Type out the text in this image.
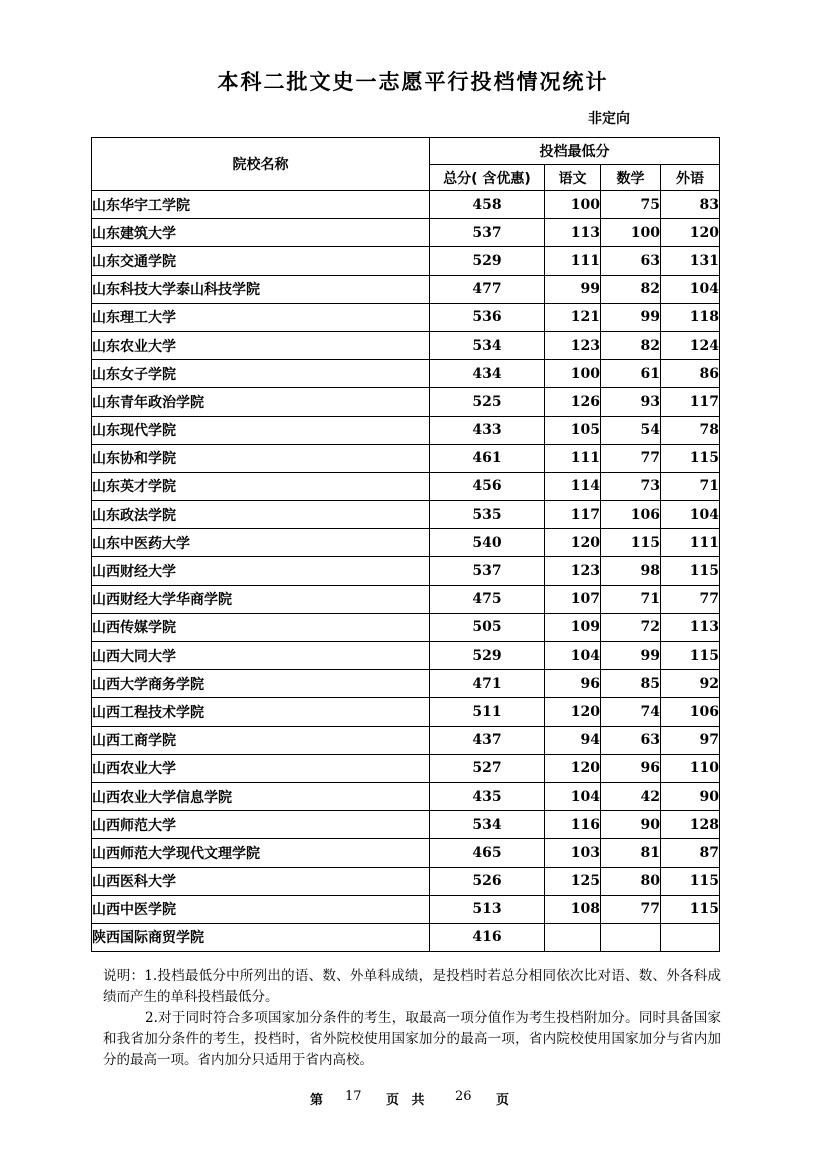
本科二批文史一志愿平行投档情况统计
非定向
院校名称	投档最低分			
	总分( 含优惠)	语文	数学	外语
山东华宇工学院	458	100	75	83
山东建筑大学	537	113	100	120
山东交通学院	529	111	63	131
山东科技大学泰山科技学院	477	99	82	104
山东理工大学	536	121	99	118
山东农业大学	534	123	82	124
山东女子学院	434	100	61	86
山东青年政治学院	525	126	93	117
山东现代学院	433	105	54	78
山东协和学院	461	111	77	115
山东英才学院	456	114	73	71
山东政法学院	535	117	106	104
山东中医药大学	540	120	115	111
山西财经大学	537	123	98	115
山西财经大学华商学院	475	107	71	77
山西传媒学院	505	109	72	113
山西大同大学	529	104	99	115
山西大学商务学院	471	96	85	92
山西工程技术学院	511	120	74	106
山西工商学院	437	94	63	97
山西农业大学	527	120	96	110
山西农业大学信息学院	435	104	42	90
山西师范大学	534	116	90	128
山西师范大学现代文理学院	465	103	81	87
山西医科大学	526	125	80	115
山西中医学院	513	108	77	115
陕西国际商贸学院	416			

说明：1.投档最低分中所列出的语、数、外单科成绩，是投档时若总分相同依次比对语、数、外各科成绩而产生的单科投档最低分。

2.对于同时符合多项国家加分条件的考生，取最高一项分值作为考生投档附加分。同时具备国家和我省加分条件的考生，投档时，省外院校使用国家加分的最高一项，省内院校使用国家加分与省内加分的最高一项。省内加分只适用于省内高校。

第 17 页 共 26 页
